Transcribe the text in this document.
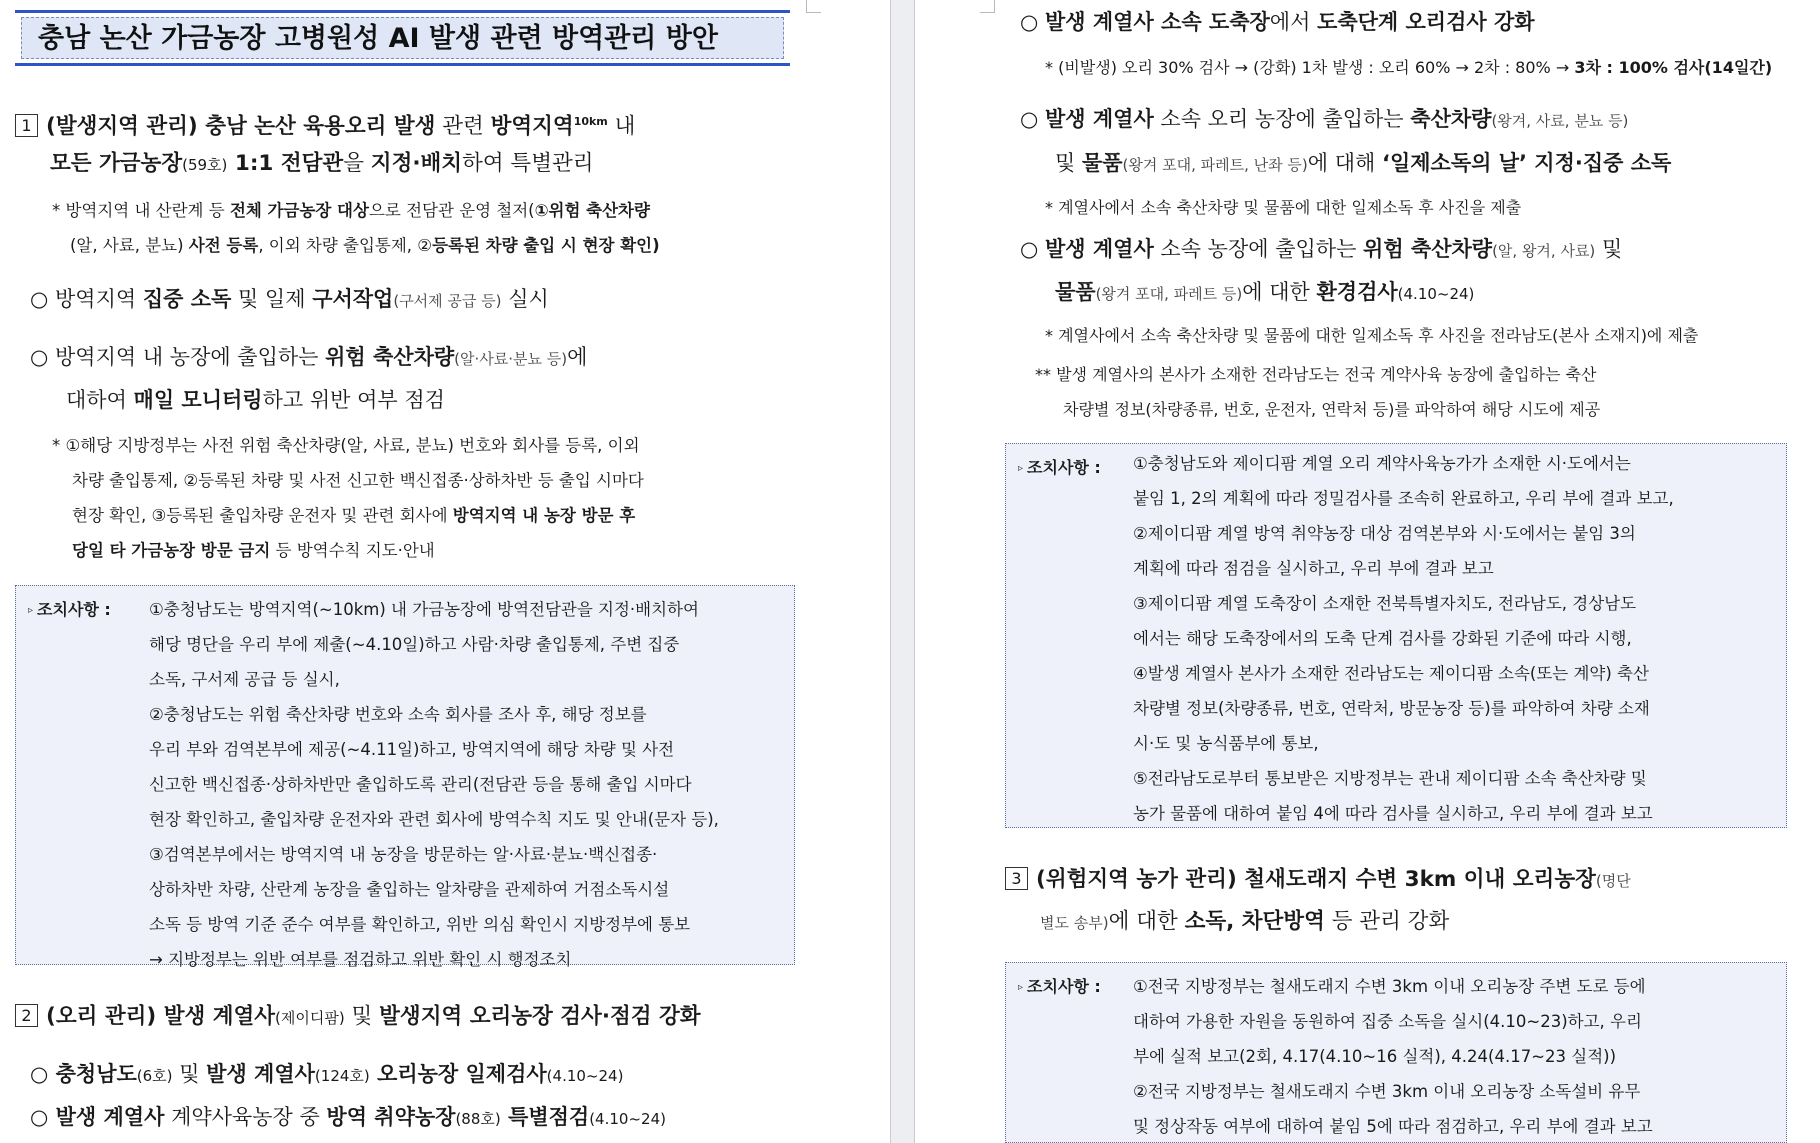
충남 논산 가금농장 고병원성 AI 발생 관련 방역관리 방안
1 (발생지역 관리) 충남 논산 육용오리 발생 관련 방역지역$^{10km}$ 내
모든 가금농장(59호) 1:1 전담관을 지정·배치하여 특별관리
* 방역지역 내 산란계 등 전체 가금농장 대상으로 전담관 운영 철저(①위험 축산차량
(알, 사료, 분뇨) 사전 등록, 이외 차량 출입통제, ②등록된 차량 출입 시 현장 확인)
○ 방역지역 집중 소독 및 일제 구서작업(구서제 공급 등) 실시
○ 방역지역 내 농장에 출입하는 위험 축산차량(알·사료·분뇨 등)에
대하여 매일 모니터링하고 위반 여부 점검
* ①해당 지방정부는 사전 위험 축산차량(알, 사료, 분뇨) 번호와 회사를 등록, 이외
차량 출입통제, ②등록된 차량 및 사전 신고한 백신접종·상하차반 등 출입 시마다
현장 확인, ③등록된 출입차량 운전자 및 관련 회사에 방역지역 내 농장 방문 후
당일 타 가금농장 방문 금지 등 방역수칙 지도·안내
▹ 조치사항 : ①충청남도는 방역지역(~10km) 내 가금농장에 방역전담관을 지정·배치하여
해당 명단을 우리 부에 제출(~4.10일)하고 사람·차량 출입통제, 주변 집중
소독, 구서제 공급 등 실시,
②충청남도는 위험 축산차량 번호와 소속 회사를 조사 후, 해당 정보를
우리 부와 검역본부에 제공(~4.11일)하고, 방역지역에 해당 차량 및 사전
신고한 백신접종·상하차반만 출입하도록 관리(전담관 등을 통해 출입 시마다
현장 확인하고, 출입차량 운전자와 관련 회사에 방역수칙 지도 및 안내(문자 등),
③검역본부에서는 방역지역 내 농장을 방문하는 알·사료·분뇨·백신접종·
상하차반 차량, 산란계 농장을 출입하는 알차량을 관제하여 거점소독시설
소독 등 방역 기준 준수 여부를 확인하고, 위반 의심 확인시 지방정부에 통보
→ 지방정부는 위반 여부를 점검하고 위반 확인 시 행정조치
2 (오리 관리) 발생 계열사(제이디팜) 및 발생지역 오리농장 검사·점검 강화
○ 충청남도(6호) 및 발생 계열사(124호) 오리농장 일제검사(4.10~24)
○ 발생 계열사 계약사육농장 중 방역 취약농장(88호) 특별점검(4.10~24)
○ 발생 계열사 소속 도축장에서 도축단계 오리검사 강화
* (비발생) 오리 30% 검사 → (강화) 1차 발생 : 오리 60% → 2차 : 80% → 3차 : 100% 검사(14일간)
○ 발생 계열사 소속 오리 농장에 출입하는 축산차량(왕겨, 사료, 분뇨 등)
및 물품(왕겨 포대, 파레트, 난좌 등)에 대해 ‘일제소독의 날’ 지정·집중 소독
* 계열사에서 소속 축산차량 및 물품에 대한 일제소독 후 사진을 제출
○ 발생 계열사 소속 농장에 출입하는 위험 축산차량(알, 왕겨, 사료) 및
물품(왕겨 포대, 파레트 등)에 대한 환경검사(4.10~24)
* 계열사에서 소속 축산차량 및 물품에 대한 일제소독 후 사진을 전라남도(본사 소재지)에 제출
** 발생 계열사의 본사가 소재한 전라남도는 전국 계약사육 농장에 출입하는 축산
차량별 정보(차량종류, 번호, 운전자, 연락처 등)를 파악하여 해당 시도에 제공
▹ 조치사항 : ①충청남도와 제이디팜 계열 오리 계약사육농가가 소재한 시·도에서는
붙임 1, 2의 계획에 따라 정밀검사를 조속히 완료하고, 우리 부에 결과 보고,
②제이디팜 계열 방역 취약농장 대상 검역본부와 시·도에서는 붙임 3의
계획에 따라 점검을 실시하고, 우리 부에 결과 보고
③제이디팜 계열 도축장이 소재한 전북특별자치도, 전라남도, 경상남도
에서는 해당 도축장에서의 도축 단계 검사를 강화된 기준에 따라 시행,
④발생 계열사 본사가 소재한 전라남도는 제이디팜 소속(또는 계약) 축산
차량별 정보(차량종류, 번호, 연락처, 방문농장 등)를 파악하여 차량 소재
시·도 및 농식품부에 통보,
⑤전라남도로부터 통보받은 지방정부는 관내 제이디팜 소속 축산차량 및
농가 물품에 대하여 붙임 4에 따라 검사를 실시하고, 우리 부에 결과 보고
3 (위험지역 농가 관리) 철새도래지 수변 3km 이내 오리농장(명단
별도 송부)에 대한 소독, 차단방역 등 관리 강화
▹ 조치사항 : ①전국 지방정부는 철새도래지 수변 3km 이내 오리농장 주변 도로 등에
대하여 가용한 자원을 동원하여 집중 소독을 실시(4.10~23)하고, 우리
부에 실적 보고(2회, 4.17(4.10~16 실적), 4.24(4.17~23 실적))
②전국 지방정부는 철새도래지 수변 3km 이내 오리농장 소독설비 유무
및 정상작동 여부에 대하여 붙임 5에 따라 점검하고, 우리 부에 결과 보고
